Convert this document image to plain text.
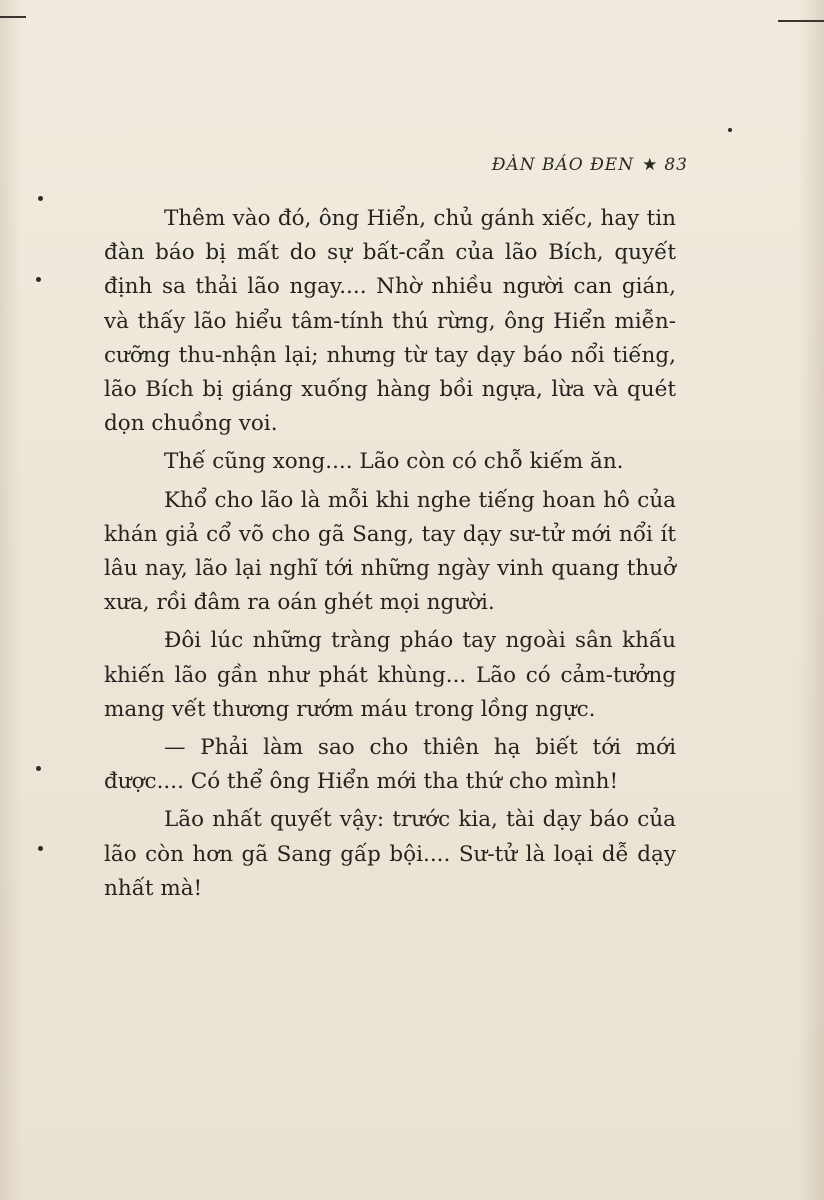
ĐÀN BÁO ĐEN ★ 83

Thêm vào đó, ông Hiển, chủ gánh xiếc, hay tin đàn báo bị mất do sự bất-cẩn của lão Bích, quyết định sa thải lão ngay.... Nhờ nhiều người can gián, và thấy lão hiểu tâm-tính thú rừng, ông Hiển miễn-cưỡng thu-nhận lại; nhưng từ tay dạy báo nổi tiếng, lão Bích bị giáng xuống hàng bồi ngựa, lừa và quét dọn chuồng voi.

Thế cũng xong.... Lão còn có chỗ kiếm ăn.

Khổ cho lão là mỗi khi nghe tiếng hoan hô của khán giả cổ võ cho gã Sang, tay dạy sư-tử mới nổi ít lâu nay, lão lại nghĩ tới những ngày vinh quang thuở xưa, rồi đâm ra oán ghét mọi người.

Đôi lúc những tràng pháo tay ngoài sân khấu khiến lão gần như phát khùng... Lão có cảm-tưởng mang vết thương rướm máu trong lồng ngực.

— Phải làm sao cho thiên hạ biết tới mới được.... Có thể ông Hiển mới tha thứ cho mình!

Lão nhất quyết vậy: trước kia, tài dạy báo của lão còn hơn gã Sang gấp bội.... Sư-tử là loại dễ dạy nhất mà!
